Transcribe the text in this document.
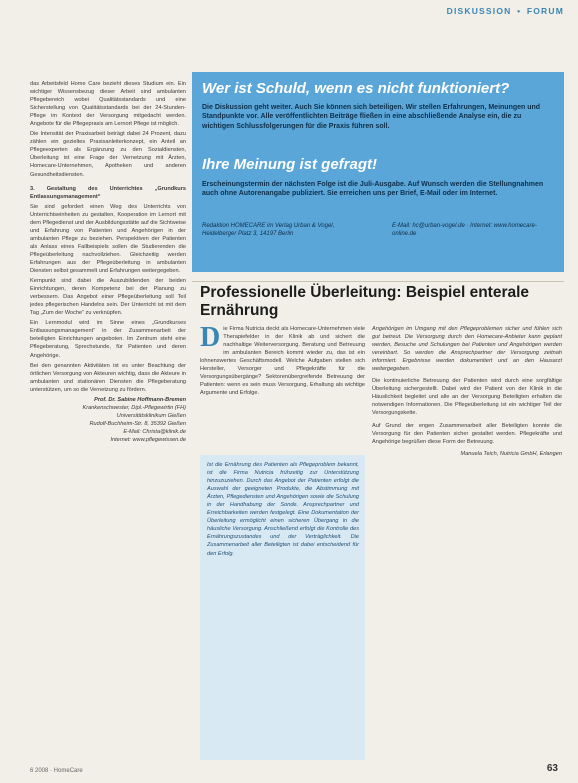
DISKUSSION • FORUM

das Arbeitsfeld Home Care bezieht dieses Studium ein. Ein wichtiger Wissensbezug dieser Arbeit sind ambulanten Pflegebereich wobei Qualitätsstandards und eine Sicherstellung von Qualitätsstandards bei der 24-Stunden-Pflege im Kontext der Versorgung mitgedacht werden. Angebote für die Pflegepraxis am Lernort Pflege ist möglich.

Die Intensität der Praxisarbeit beträgt dabei 24 Prozent, dazu zählen ein gezieltes Praxisanleiterkonzept, ein Anteil an Pflegeexperten als Ergänzung zu den Sozialdiensten, Überleitung ist eine Frage der Vernetzung mit Ärzten, Homecare-Unternehmen, Apotheken und anderen Gesundheitsdiensten.

3. Gestaltung des Unterrichtes „Grundkurs Entlassungsmanagement“

Sie sind gefordert einen Weg des Unterrichts von Unterrichtseinheiten zu gestalten, Kooperation im Lernort mit dem Pflegedienst und der Ausbildungsstätte auf die Sichtweise und Erfahrung von Patienten und Angehörigen in der ambulanten Pflege zu beziehen. Perspektiven der Patienten als Anlass eines Fallbeispiels sollen die Studierenden die Pflegeüberleitung nachvollziehen. Gleichzeitig werden Erfahrungen aus der Pflegeüberleitung in ambulanten Diensten selbst gesammelt und Erfahrungen weitergegeben.

Kernpunkt sind dabei die Auszubildenden der beiden Einrichtungen, deren Kompetenz bei der Planung zu verbessern. Das Angebot einer Pflegeüberleitung soll Teil jedes pflegerischen Handelns sein. Der Unterricht ist mit dem Tag „Zum der Woche“ zu verknüpfen.

Ein Lernmodul wird im Sinne eines „Grundkurses Entlassungsmanagement“ in der Zusammenarbeit der beteiligten Einrichtungen angeboten. Im Zentrum steht eine Pflegeberatung, Sprechstunde, für Patienten und deren Angehörige.

Bei den genannten Aktivitäten ist es unter Beachtung der örtlichen Versorgung von Akteuren wichtig, dass die Akteure in ambulanten und stationären Diensten die Pflegeberatung unterstützen, um so die Vernetzung zu fördern.

Prof. Dr. Sabine Hoffmann-Bremen
Krankenschwester, Dipl.-Pflegewirtin (FH)
Universitätsklinikum Gießen
Rudolf-Buchheim-Str. 8, 35392 Gießen
E-Mail: Christa@klinik.de
Internet: www.pflegewissen.de
Wer ist Schuld, wenn es nicht funktioniert?
Die Diskussion geht weiter. Auch Sie können sich beteiligen. Wir stellen Erfahrungen, Meinungen und Standpunkte vor. Alle veröffentlichten Beiträge fließen in eine abschließende Analyse ein, die zu wichtigen Schlussfolgerungen für die Praxis führen soll.
Ihre Meinung ist gefragt!
Erscheinungstermin der nächsten Folge ist die Juli-Ausgabe. Auf Wunsch werden die Stellungnahmen auch ohne Autorenangabe publiziert. Sie erreichen uns per Brief, E-Mail oder im Internet.
Redaktion HOMECARE im Verlag Urban & Vogel, Heidelberger Platz 3, 14197 Berlin
E-Mail: hc@urban-vogel.de · Internet: www.homecare-online.de
Professionelle Überleitung: Beispiel enterale Ernährung
D ie Firma Nutricia deckt als Homecare-Unternehmen viele Therapiefelder in der Klinik ab und sichert die nachhaltige Weiterversorgung. Beratung und Betreuung im ambulanten Bereich kommt wieder zu, das ist ein lohnenswertes Geschäftsmodell. Welche Aufgaben stellen sich Hersteller, Versorger und Pflegekräfte für die Versorgungsübergänge? Sektorenübergreifende Betreuung der Patienten: wenn es sein muss Versorgung, Erhaltung als wichtige Argumente und Erfolge.
Ist die Ernährung des Patienten als Pflegeproblem bekannt, ist die Firma Nutricia frühzeitig zur Unterstützung hinzuzuziehen. Durch das Angebot der Patienten erfolgt die Auswahl der geeigneten Produkte, die Abstimmung mit Ärzten, Pflegediensten und Angehörigen sowie die Schulung in der Handhabung der Sonde. Ansprechpartner und Erreichbarkeiten werden festgelegt. Eine Dokumentation der Überleitung ermöglicht einen sicheren Übergang in die häusliche Versorgung. Anschließend erfolgt die Kontrolle des Ernährungszustandes und der Verträglichkeit. Die Zusammenarbeit aller Beteiligten ist dabei entscheidend für den Erfolg.

Angehörigen im Umgang mit den Pflegeproblemen sicher und fühlen sich gut betreut. Die Versorgung durch den Homecare-Anbieter kann geplant werden, Besuche und Schulungen bei Patienten und Angehörigen werden vereinbart. So werden die Ansprechpartner der Versorgung zeitnah informiert. Ergebnisse werden dokumentiert und an den Hausarzt weitergegeben.

Die kontinuierliche Betreuung der Patienten wird durch eine sorgfältige Überleitung sichergestellt. Dabei wird der Patient von der Klinik in die Häuslichkeit begleitet und alle an der Versorgung Beteiligten erhalten die notwendigen Informationen. Die Pflegeüberleitung ist ein wichtiger Teil der Versorgungskette.

Auf Grund der engen Zusammenarbeit aller Beteiligten konnte die Versorgung für den Patienten sicher gestaltet werden. Pflegekräfte und Angehörige begrüßen diese Form der Betreuung.

Manuela Teich, Nutricia GmbH, Erlangen
6 2008 · HomeCare	63
